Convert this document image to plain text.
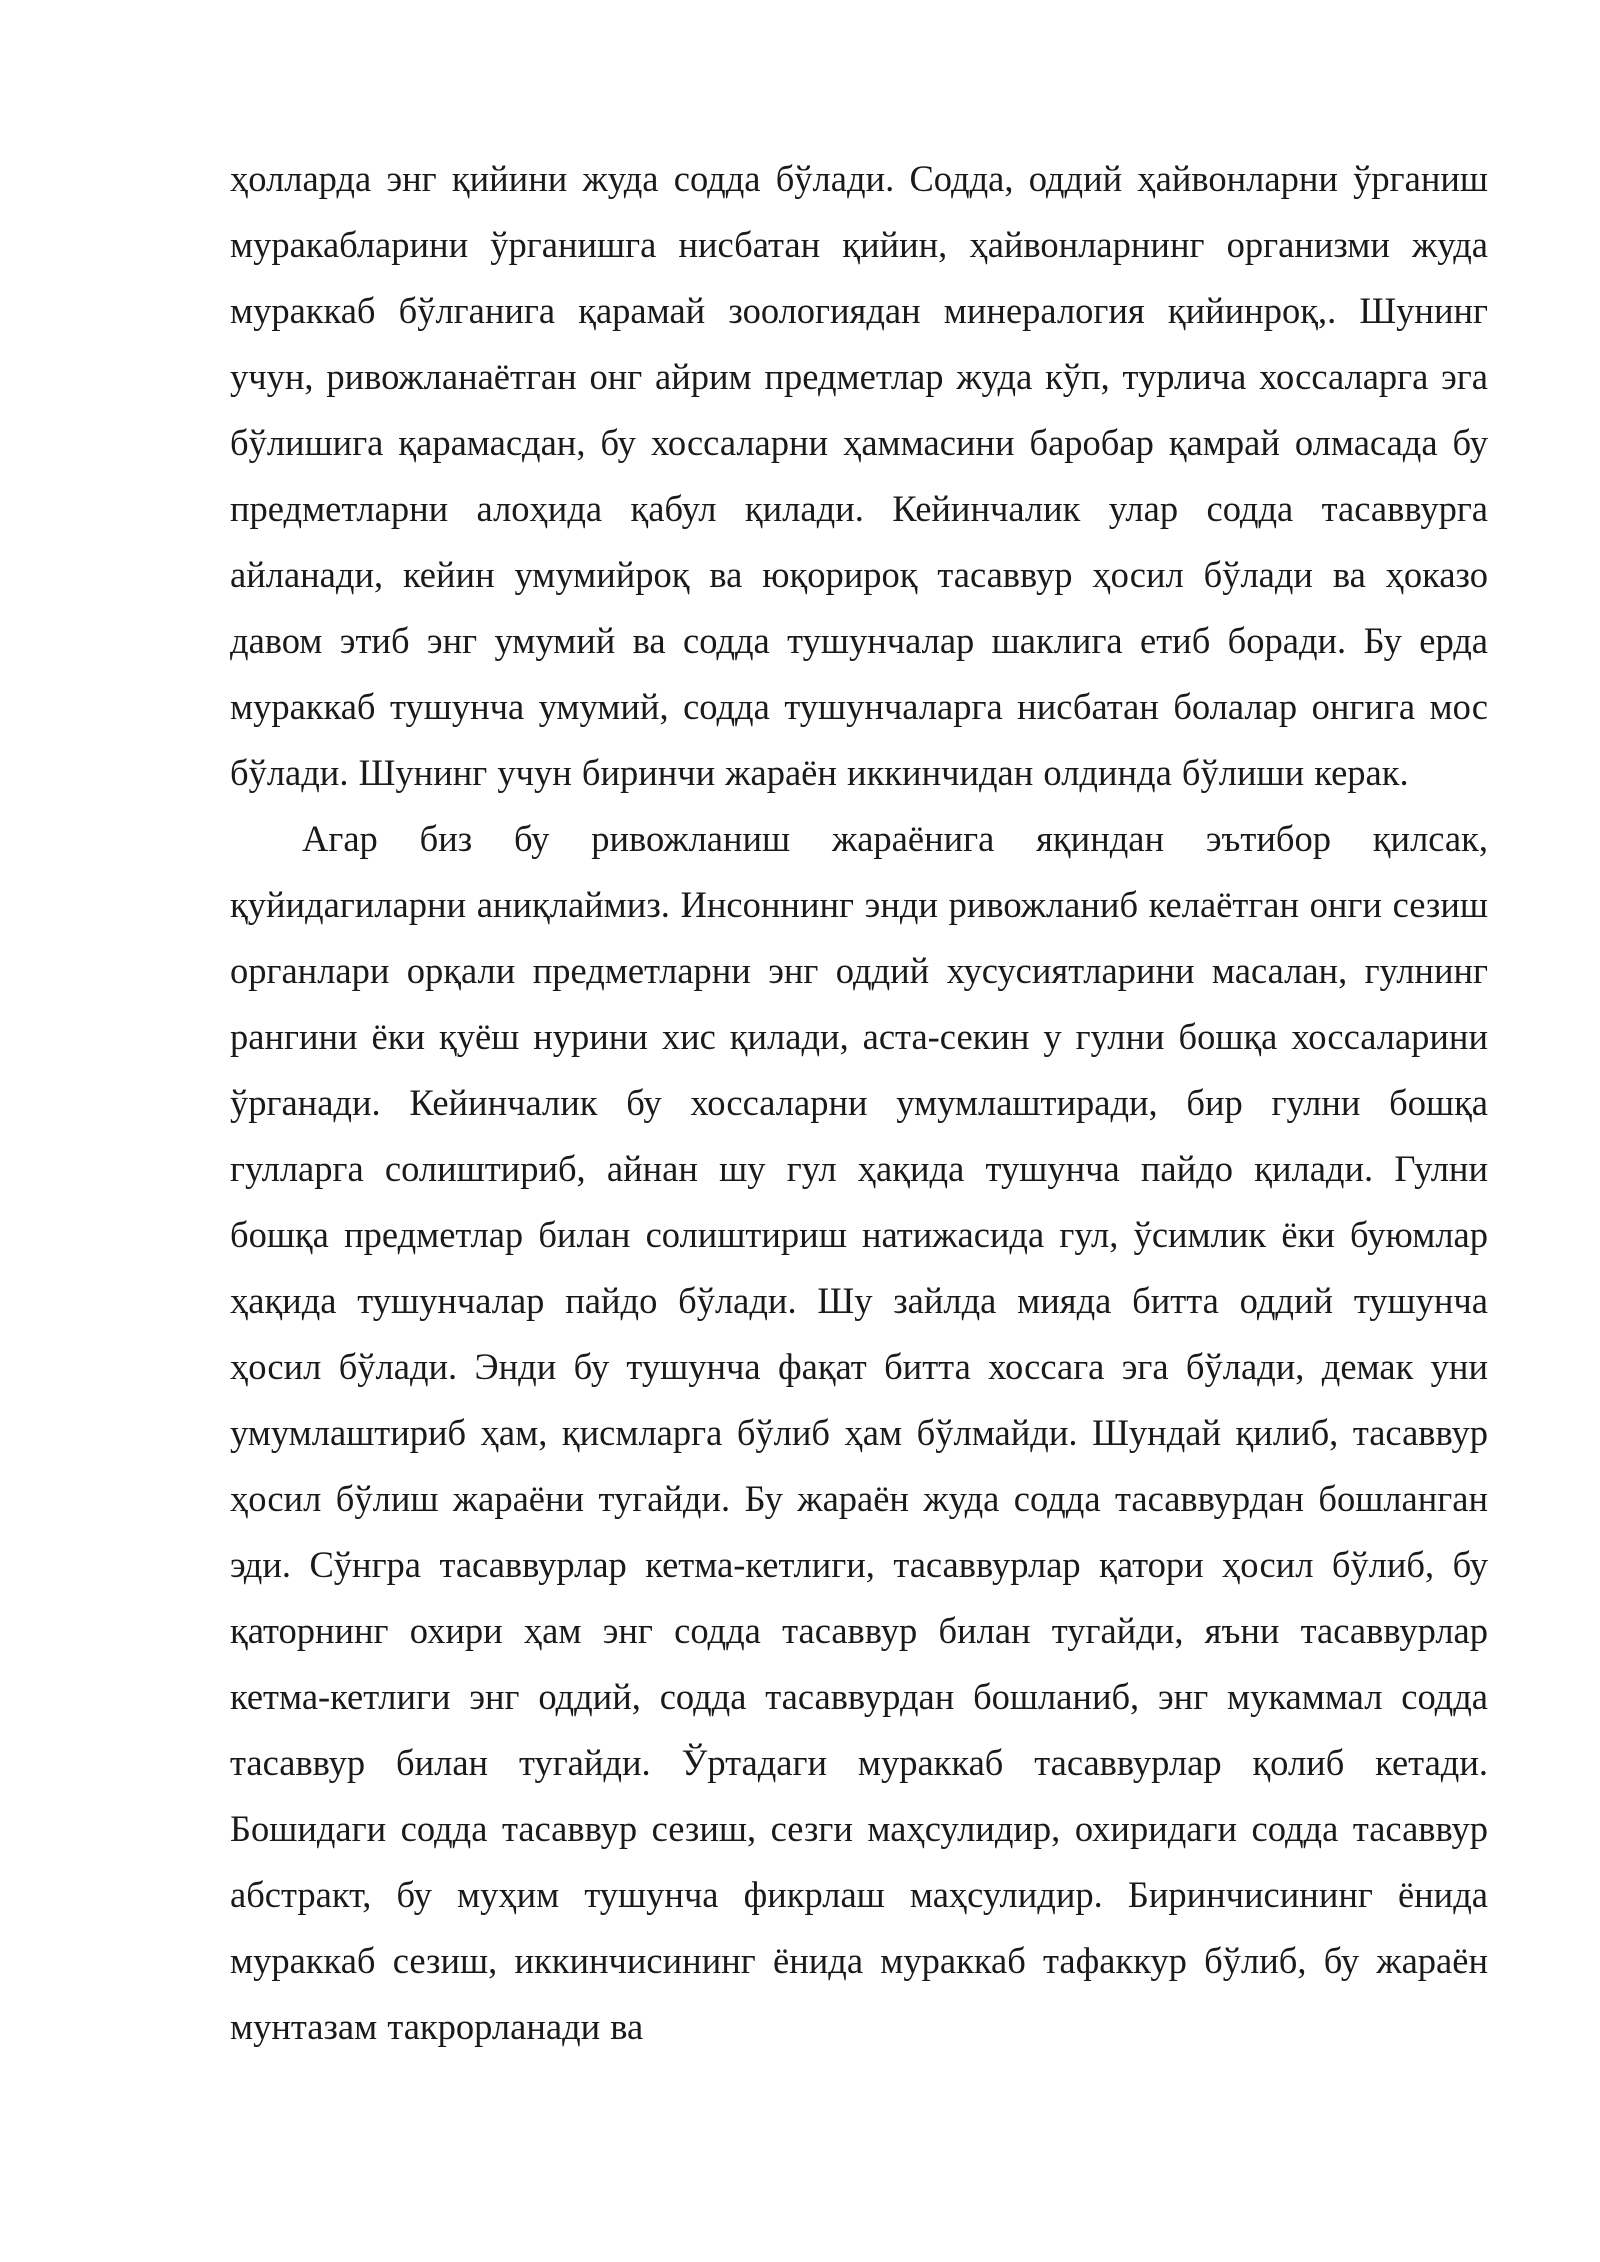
ҳолларда энг қийини жуда содда бўлади. Содда, оддий ҳайвонларни ўрганиш муракабларини ўрганишга нисбатан қийин, ҳайвонларнинг организми жуда мураккаб бўлганига қарамай зоологиядан минералогия қийинроқ,. Шунинг учун, ривожланаётган онг айрим предметлар жуда кўп, турлича хоссаларга эга бўлишига қарамасдан, бу хоссаларни ҳаммасини баробар қамрай олмасада бу предметларни алоҳида қабул қилади. Кейинчалик улар содда тасаввурга айланади, кейин умумийроқ ва юқорироқ тасаввур ҳосил бўлади ва ҳоказо давом этиб энг умумий ва содда тушунчалар шаклига етиб боради. Бу ерда мураккаб тушунча умумий, содда тушунчаларга нисбатан болалар онгига мос бўлади. Шунинг учун биринчи жараён иккинчидан олдинда бўлиши керак.

Агар биз бу ривожланиш жараёнига яқиндан эътибор қилсак, қуйидагиларни аниқлаймиз. Инсоннинг энди ривожланиб келаётган онги сезиш органлари орқали предметларни энг оддий хусусиятларини масалан, гулнинг рангини ёки қуёш нурини хис қилади, аста-секин у гулни бошқа хоссаларини ўрганади. Кейинчалик бу хоссаларни умумлаштиради, бир гулни бошқа гулларга солиштириб, айнан шу гул ҳақида тушунча пайдо қилади. Гулни бошқа предметлар билан солиштириш натижасида гул, ўсимлик ёки буюмлар ҳақида тушунчалар пайдо бўлади. Шу зайлда мияда битта оддий тушунча ҳосил бўлади. Энди бу тушунча фақат битта хоссага эга бўлади, демак уни умумлаштириб ҳам, қисмларга бўлиб ҳам бўлмайди. Шундай қилиб, тасаввур ҳосил бўлиш жараёни тугайди. Бу жараён жуда содда тасаввурдан бошланган эди. Сўнгра тасаввурлар кетма-кетлиги, тасаввурлар қатори ҳосил бўлиб, бу қаторнинг охири ҳам энг содда тасаввур билан тугайди, яъни тасаввурлар кетма-кетлиги энг оддий, содда тасаввурдан бошланиб, энг мукаммал содда тасаввур билан тугайди. Ўртадаги мураккаб тасаввурлар қолиб кетади. Бошидаги содда тасаввур сезиш, сезги маҳсулидир, охиридаги содда тасаввур абстракт, бу муҳим тушунча фикрлаш маҳсулидир. Биринчисининг ёнида мураккаб сезиш, иккинчисининг ёнида мураккаб тафаккур бўлиб, бу жараён мунтазам такрорланади ва
